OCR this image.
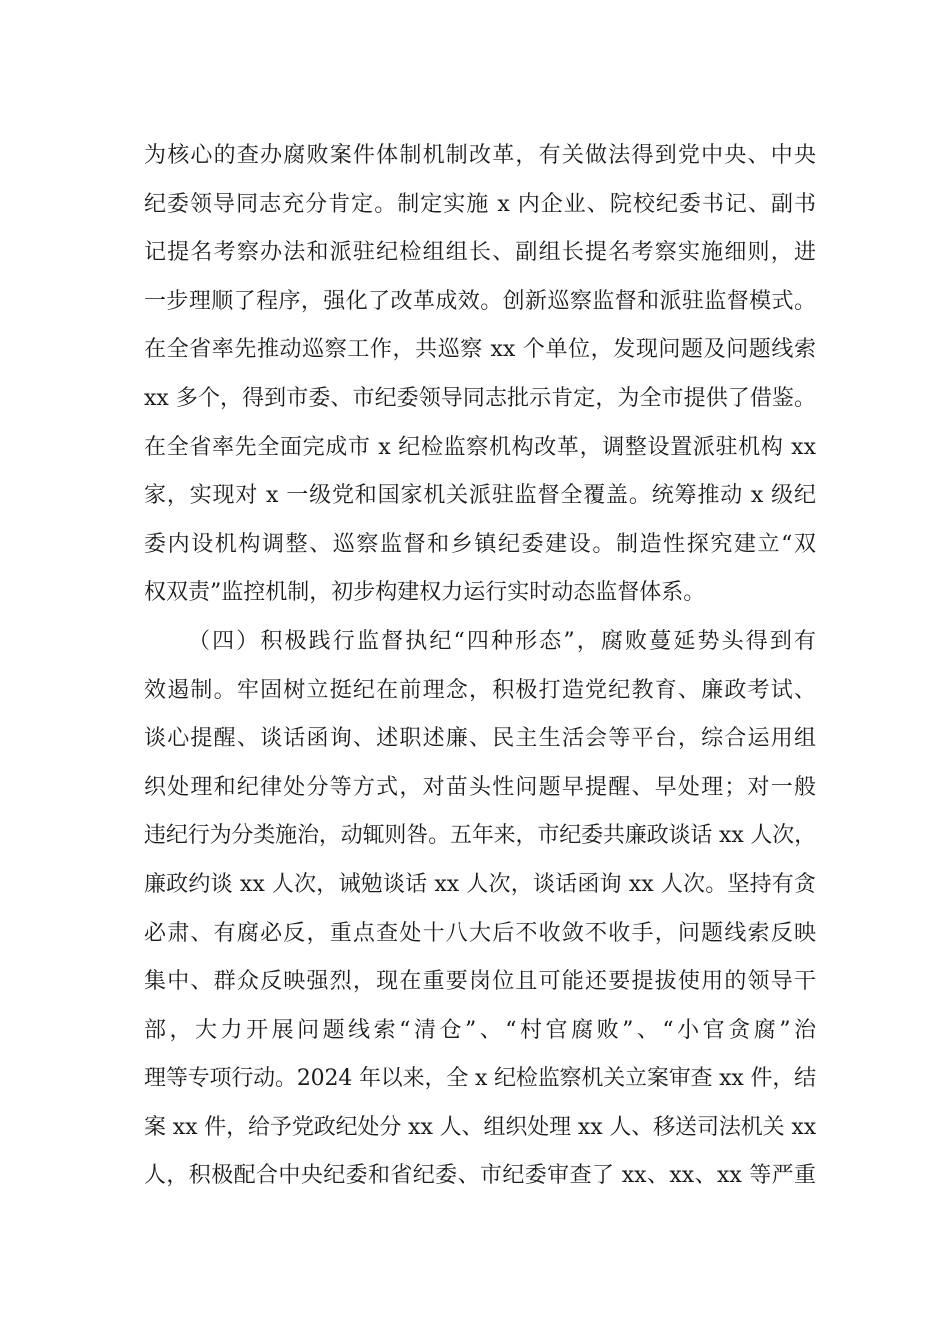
为核心的查办腐败案件体制机制改革，有关做法得到党中央、中央
纪委领导同志充分肯定。制定实施 x 内企业、院校纪委书记、副书
记提名考察办法和派驻纪检组组长、副组长提名考察实施细则，进
一步理顺了程序，强化了改革成效。创新巡察监督和派驻监督模式。
在全省率先推动巡察工作，共巡察 xx 个单位，发现问题及问题线索
xx 多个，得到市委、市纪委领导同志批示肯定，为全市提供了借鉴。
在全省率先全面完成市 x 纪检监察机构改革，调整设置派驻机构 xx
家，实现对 x 一级党和国家机关派驻监督全覆盖。统筹推动 x 级纪
委内设机构调整、巡察监督和乡镇纪委建设。制造性探究建立“双
权双责”监控机制，初步构建权力运行实时动态监督体系。
（四）积极践行监督执纪“四种形态”，腐败蔓延势头得到有
效遏制。牢固树立挺纪在前理念，积极打造党纪教育、廉政考试、
谈心提醒、谈话函询、述职述廉、民主生活会等平台，综合运用组
织处理和纪律处分等方式，对苗头性问题早提醒、早处理；对一般
违纪行为分类施治，动辄则咎。五年来，市纪委共廉政谈话 xx 人次，
廉政约谈 xx 人次，诫勉谈话 xx 人次，谈话函询 xx 人次。坚持有贪
必肃、有腐必反，重点查处十八大后不收敛不收手，问题线索反映
集中、群众反映强烈，现在重要岗位且可能还要提拔使用的领导干
部，大力开展问题线索“清仓”、“村官腐败”、“小官贪腐”治
理等专项行动。2024 年以来，全 x 纪检监察机关立案审查 xx 件，结
案 xx 件，给予党政纪处分 xx 人、组织处理 xx 人、移送司法机关 xx
人，积极配合中央纪委和省纪委、市纪委审查了 xx、xx、xx 等严重
